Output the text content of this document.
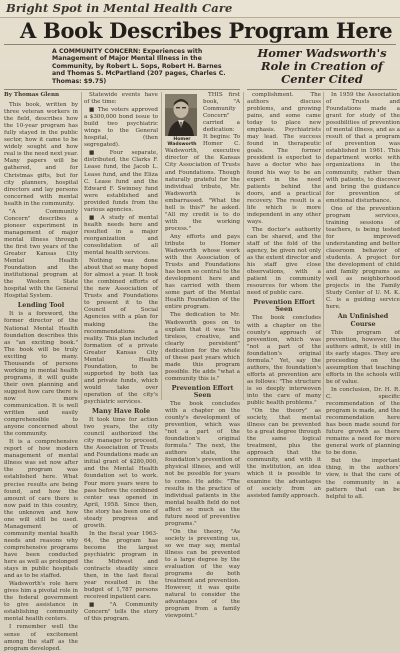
Bright Spot in Mental Health Care
A Book Describes Program Here
A COMMUNITY CONCERN: Experiences with Management of Major Mental Illness in the Community, by Robert L. Sops, Robert H. Barnes and Thomas S. McPartland (207 pages, Charles C. Thomas: $9.75)
Homer Wadsworth's Role in Creation of Center Cited

By Thomas Glenn

This book, written by three veteran workers in the field, describes how the 10-year program has fully stayed in the public sector, how it came to be widely sought and how real is the need next year. Many papers will be gathered, and for Christmas gifts, but for city planners, hospital directors and lay persons concerned with mental health in the community.

"A Community Concern" describes a pioneer experiment in management of major mental illness through the first two years of the Greater Kansas City Mental Health Foundation and the institutional program at the Western State hospital with the General Hospital System.

Lending Tool

It is a foreword, the former director of the National Mental Health foundation describes this as "an exciting book." The book will be truly exciting to many. Thousands of persons working in mental health programs, it will guide their own planning and suggest how care there is now more communication. It is well written and easily comprehensible to anyone concerned about the community.

It is a comprehensive report of how modern management of mental illness was set now after the program was established here. What precise results are being found, and how the amount of care there is now paid in this country, the unknown and how one will still be used. Management of community mental health needs and reasons why comprehensive programs have been conducted here as well as prolonged stays in public hospitals and as to be staffed.

Wadsworth's role here gives him a pivotal role in the federal government to give assistance in establishing community mental health centers.

I remember well the sense of excitement among the staff as the program developed.

Statewide events have of the time:

■ The voters approved a $300,000 bond issue to build two psychiatric wings to the General hospital, (then segregated).

■ Four separate, distributed, the Clarks F. Lease fund, the Jacob L. Lease fund, and the Eliza C. Lease fund and the Edward F. Swinney fund were established and provided funds from the various agencies.

■ A study of mental health needs here and resulted in a major reorganization and consolidation of all mental health services.

Nothing was done about that so many hoped for almost a year. It took the combined efforts of the new Association of Trusts and Foundations to present it to the Council of Social Agencies with a plan for making the recommendations a reality. This plan included formation of a private Greater Kansas City Mental Health Foundation, to be supported by both tax and private funds, which would take over operation of the city's psychiatric services.

Many Have Role

It took time for action two years, the city council authorized the city manager to proceed, the Association of Trusts and Foundations made an initial grant of $280,000, and the Mental Health foundation set to work. Four more years were to pass before the combined center was opened in April, 1958. Since then, the story has been one of steady progress and growth.

In the fiscal year 1963-64, the program has become the largest psychiatric program in the Midwest and contracts steadily since then, in the last fiscal year resulted in the budget of 1,787 persons received inpatient care.

■ "A Community Concern" tells the story of this program.

Homer Wadsworth

THIS first book, "A Community Concern" carried a dedication: It begins: To Homer C. Wadsworth, executive director of the Kansas City Association of Trusts and Foundations. Though naturally grateful for the individual tribute, Mr. Wadsworth is embarrassed. "What the hell is this?" he asked. "All my credit is to do with the working process."

Any efforts and pays tribute to Homer Wadsworth whose work with the Association of Trusts and Foundations has been so central to the development here and has carried with them some part of the Mental Health Foundation of the entire program.

The dedication to Mr. Wadsworth goes on to explain that it was "his tireless, creative, and clearly persistent" dedication for the whole of these past years which made this program possible. He adds "what a community this is."

Prevention Effort Seen

The book concludes with a chapter on the county's development of prevention, which was "not a part of the foundation's original formula." The next, the authors state, the foundation's prevention of physical illness, and will not be possible for years to come. He adds: "The results in the practice of individual patients in the mental health field do not affect so much as the future need of preventive programs."

"On the theory, "As society is preventing us, so we may say, mental illness can be prevented to a large degree by the evaluation of the way programs do both treatment and prevention. However, it was quite natural to consider the advantages of the program from a family viewpoint."

complishment. The authors discuss problems, and growing pains, and some came today to place new emphasis. Psychiatrists may lead. The success found in therapeutic goals. The former president is expected to have a doctor who has found his way to be an expert in the need patients behind the doors, and a practical recovery. The result is a life which is more independent in any other ways.

The doctor's authority can be shared, and the staff of the fold of the agency, be given not only as the extent director and his staff give close observations, with a patient in community resources for whom the need of public care.

Prevention Effort Seen

The book concludes with a chapter on the county's approach of prevention, which was "not a part of the foundation's original formula." Yet, say the authors, the foundation's efforts at prevention are as follows: "The structure is so deeply interwoven into the care of many public health problems."

"On the theory" as society, that mental illness can be prevented to a great degree through the same logical treatment, plus the approach that the community, and with it the institution, an idea which it is possible to examine the advantages of society from an assisted family approach.

In 1959 the Association of Trusts and Foundations made a grant for study of the possibilities of prevention of mental illness, and as a result of that a program of prevention was established in 1961. This department works with organizations in the community, rather than with patients, to discover and bring the guidance for prevention of emotional disturbance.

One of the prevention program services, training sessions of teachers, is being tested for improved understanding and better classroom behavior of students. A project for the development of child and family programs as well as neighborhood projects in the Family Study Center of U. M. K. C. is a guiding service here.

An Unfinished Course

This program of prevention, however, the authors admit, is still in its early stages. They are proceeding on the assumption that teaching efforts in the schools will be of value.

In conclusion, Dr. H. R. C. specific recommendation of the program is made, and the recommendation here has been made sound for future growth as there remains a need for more general work of planning to be done.

But the important thing, in the authors' view, is that the care of the community in a pattern that can be helpful to all.
